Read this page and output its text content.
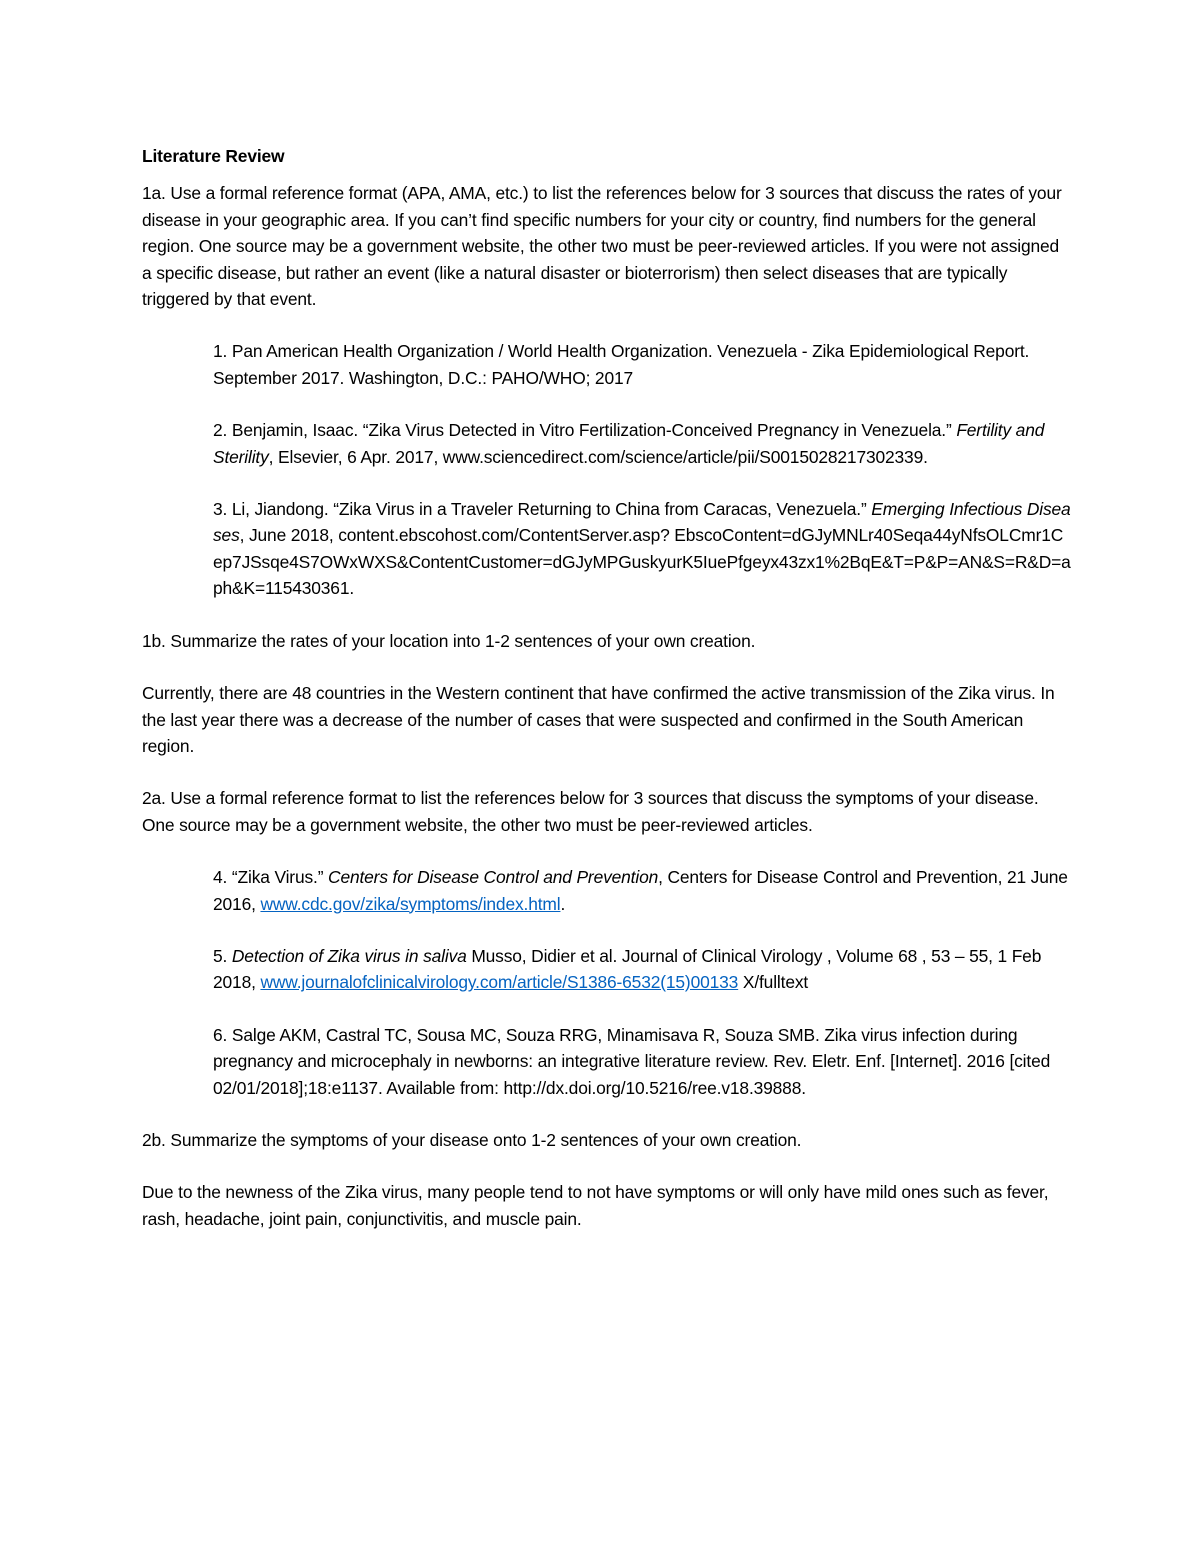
Literature Review

1a. Use a formal reference format (APA, AMA, etc.) to list the references below for 3 sources that discuss the rates of your disease in your geographic area. If you can’t find specific numbers for your city or country, find numbers for the general region. One source may be a government website, the other two must be peer-reviewed articles. If you were not assigned a specific disease, but rather an event (like a natural disaster or bioterrorism) then select diseases that are typically triggered by that event.

1. Pan American Health Organization / World Health Organization. Venezuela - Zika Epidemiological Report. September 2017. Washington, D.C.: PAHO/WHO; 2017

2. Benjamin, Isaac. “Zika Virus Detected in Vitro Fertilization-Conceived Pregnancy in Venezuela.” Fertility and Sterility, Elsevier, 6 Apr. 2017, www.sciencedirect.com/science/article/pii/S0015028217302339.

3. Li, Jiandong. “Zika Virus in a Traveler Returning to China from Caracas, Venezuela.” Emerging Infectious Diseases, June 2018, content.ebscohost.com/ContentServer.asp? EbscoContent=dGJyMNLr40Seqa44yNfsOLCmr1Cep7JSsqe4S7OWxWXS&ContentCustomer=dGJyMPGuskyurK5IuePfgeyx43zx1%2BqE&T=P&P=AN&S=R&D=aph&K=115430361.

1b. Summarize the rates of your location into 1-2 sentences of your own creation.

Currently, there are 48 countries in the Western continent that have confirmed the active transmission of the Zika virus. In the last year there was a decrease of the number of cases that were suspected and confirmed in the South American region.

2a. Use a formal reference format to list the references below for 3 sources that discuss the symptoms of your disease. One source may be a government website, the other two must be peer-reviewed articles.

4. “Zika Virus.” Centers for Disease Control and Prevention, Centers for Disease Control and Prevention, 21 June 2016, www.cdc.gov/zika/symptoms/index.html.

5. Detection of Zika virus in saliva Musso, Didier et al. Journal of Clinical Virology , Volume 68 , 53 – 55, 1 Feb 2018, www.journalofclinicalvirology.com/article/S1386-6532(15)00133 X/fulltext

6. Salge AKM, Castral TC, Sousa MC, Souza RRG, Minamisava R, Souza SMB. Zika virus infection during pregnancy and microcephaly in newborns: an integrative literature review. Rev. Eletr. Enf. [Internet]. 2016 [cited 02/01/2018];18:e1137. Available from: http://dx.doi.org/10.5216/ree.v18.39888.

2b. Summarize the symptoms of your disease onto 1-2 sentences of your own creation.

Due to the newness of the Zika virus, many people tend to not have symptoms or will only have mild ones such as fever, rash, headache, joint pain, conjunctivitis, and muscle pain.
